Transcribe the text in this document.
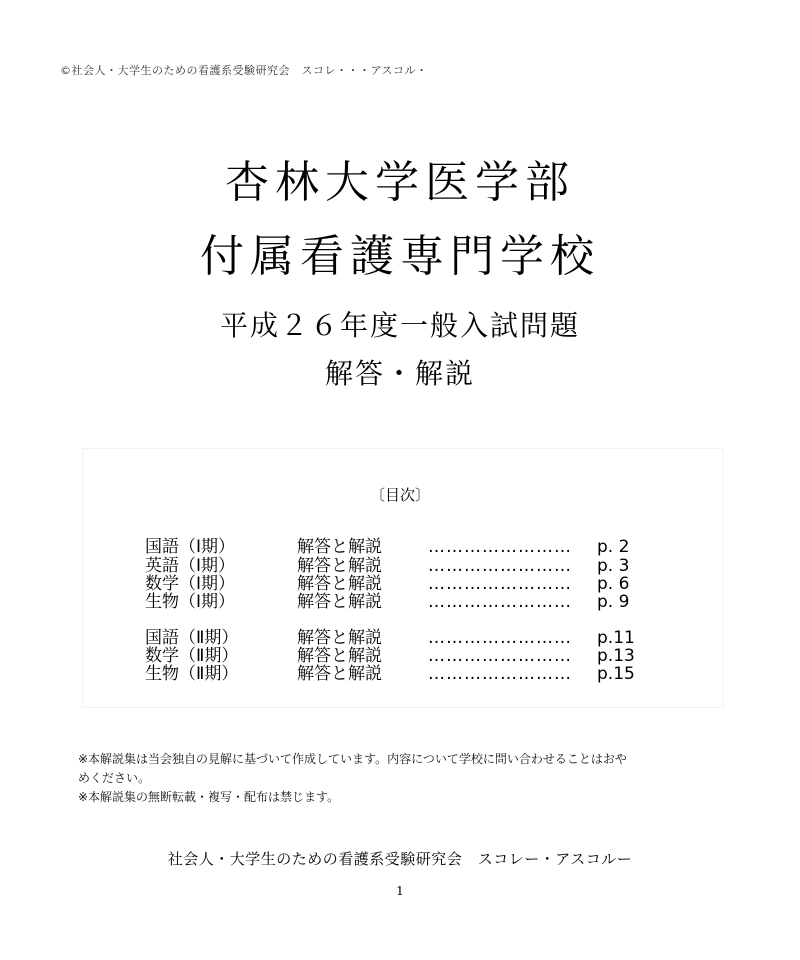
©社会人・大学生のための看護系受験研究会　スコレ・・・アスコル・
杏林大学医学部
付属看護専門学校
平成２６年度一般入試問題
解答・解説
〔目次〕
国語（Ⅰ期）	解答と解説	…………………… p. 2
英語（Ⅰ期）	解答と解説	…………………… p. 3
数学（Ⅰ期）	解答と解説	…………………… p. 6
生物（Ⅰ期）	解答と解説	…………………… p. 9
国語（Ⅱ期）	解答と解説	…………………… p.11
数学（Ⅱ期）	解答と解説	…………………… p.13
生物（Ⅱ期）	解答と解説	…………………… p.15
※本解説集は当会独自の見解に基づいて作成しています。内容について学校に問い合わせることはおや
めください。
※本解説集の無断転載・複写・配布は禁じます。
社会人・大学生のための看護系受験研究会　スコレー・アスコルー
1
